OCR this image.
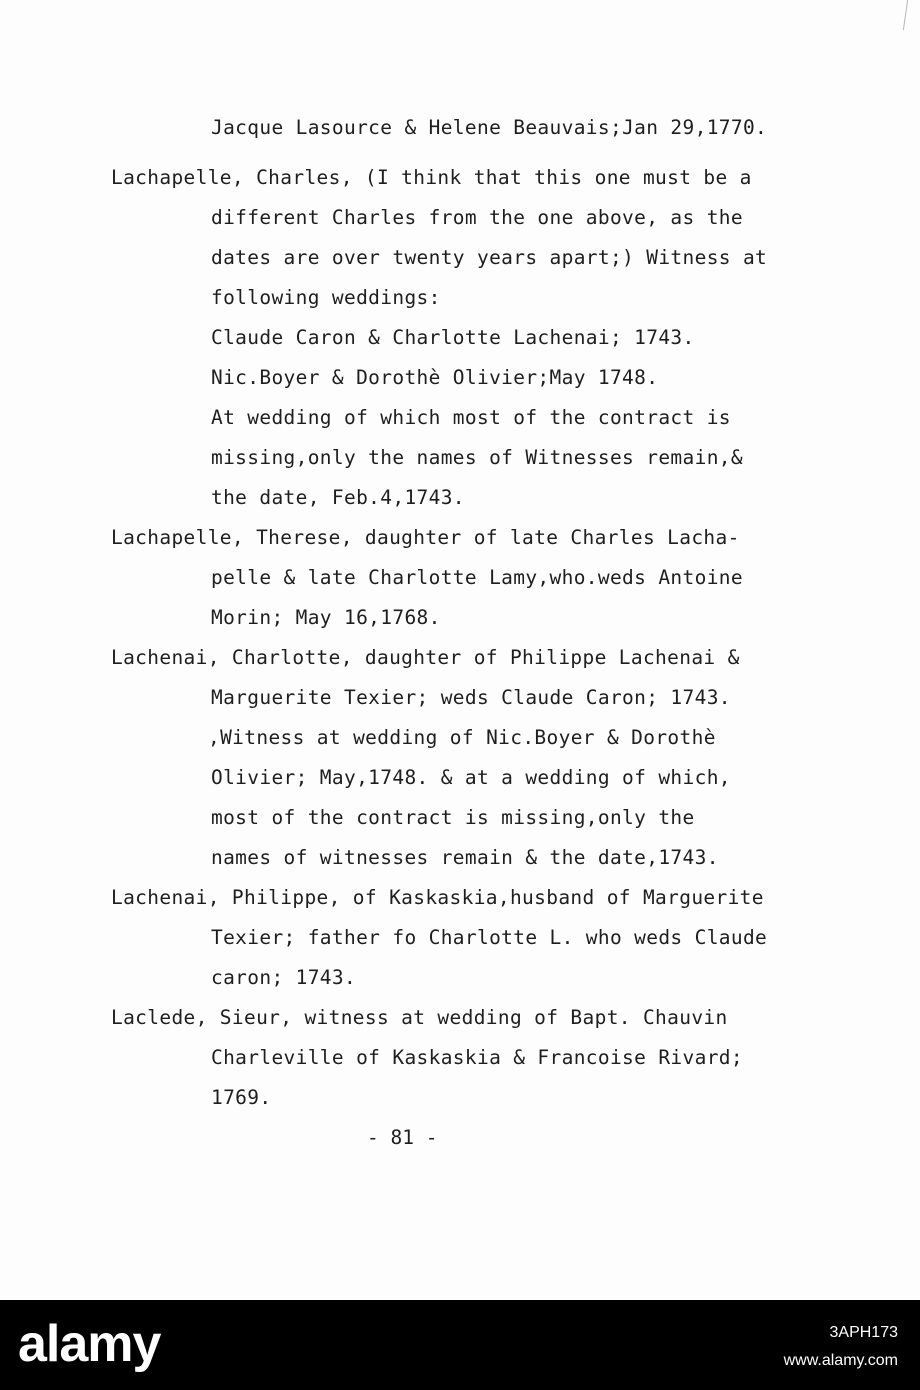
Jacque Lasource & Helene Beauvais;Jan 29,1770.

Lachapelle, Charles, (I think that this one must be a

different Charles from the one above, as the

dates are over twenty years apart;) Witness at

following weddings:

Claude Caron & Charlotte Lachenai; 1743.

Nic.Boyer & Dorothè Olivier;May 1748.

At wedding of which most of the contract is

missing,only the names of Witnesses remain,&

the date, Feb.4,1743.

Lachapelle, Therese, daughter of late Charles Lacha-

pelle & late Charlotte Lamy,who.weds Antoine

Morin; May 16,1768.

Lachenai, Charlotte, daughter of Philippe Lachenai &

Marguerite Texier; weds Claude Caron; 1743.

,Witness at wedding of Nic.Boyer & Dorothè

Olivier; May,1748. & at a wedding of which,

most of the contract is missing,only the

names of witnesses remain & the date,1743.

Lachenai, Philippe, of Kaskaskia,husband of Marguerite

Texier; father fo Charlotte L. who weds Claude

caron; 1743.

Laclede, Sieur, witness at wedding of Bapt. Chauvin

Charleville of Kaskaskia & Francoise Rivard;

1769.

- 81 -

alamy	3APH173

www.alamy.com
